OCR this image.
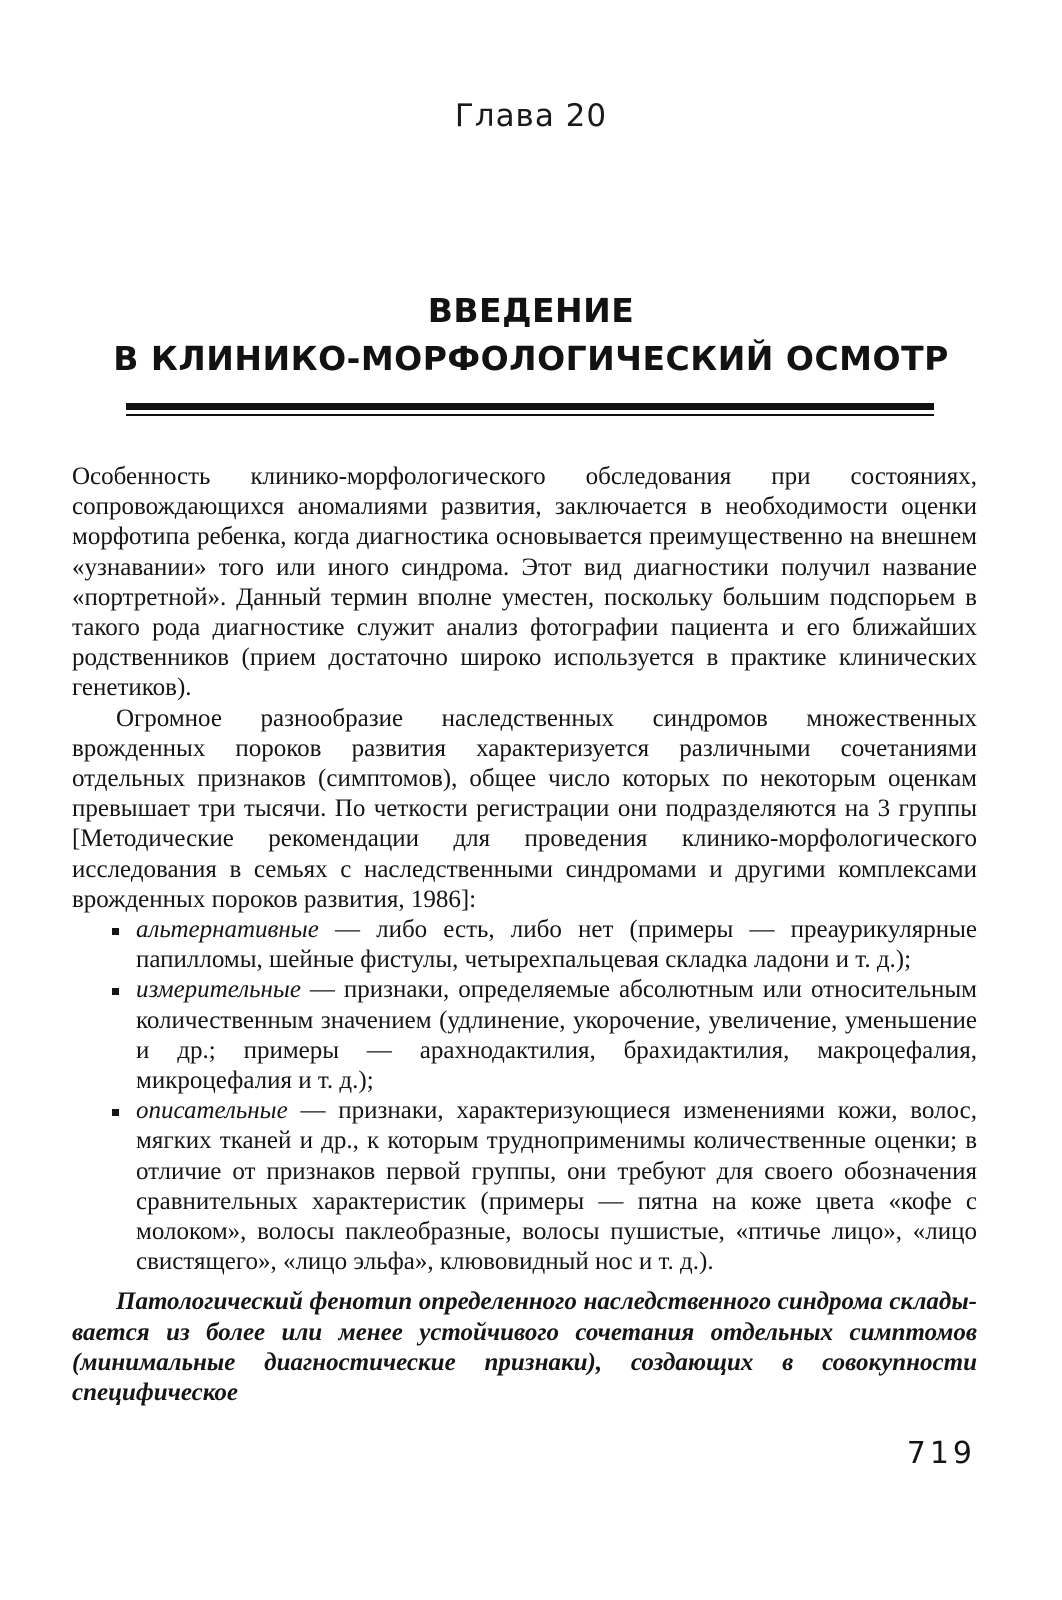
Глава 20
ВВЕДЕНИЕ
В КЛИНИКО-МОРФОЛОГИЧЕСКИЙ ОСМОТР

Особенность клинико-морфологического обследования при состояниях, сопровождающихся аномалиями развития, заключается в необходимости оценки морфотипа ребенка, когда диагностика основывается преимущественно на внешнем «узнавании» того или иного синдрома. Этот вид диагностики получил название «портретной». Данный термин вполне уместен, поскольку большим подспорьем в такого рода диагностике служит анализ фотографии пациента и его ближайших родственников (прием достаточно широко используется в практике клинических генетиков).

Огромное разнообразие наследственных синдромов множественных врожденных пороков развития характеризуется различными сочетаниями отдельных признаков (симптомов), общее число которых по некоторым оценкам превышает три тысячи. По четкости регистрации они подразделяются на 3 группы [Методические рекомендации для проведения клинико-морфологического исследования в семьях с наследственными синдромами и другими комплексами врожденных пороков развития, 1986]:

альтернативные — либо есть, либо нет (примеры — преаурикулярные папилломы, шейные фистулы, четырехпальцевая складка ладони и т. д.);
измерительные — признаки, определяемые абсолютным или относительным количественным значением (удлинение, укорочение, увеличение, уменьшение и др.; примеры — арахнодактилия, брахидактилия, макроцефалия, микроцефалия и т. д.);
описательные — признаки, характеризующиеся изменениями кожи, волос, мягких тканей и др., к которым трудноприменимы количественные оценки; в отличие от признаков первой группы, они требуют для своего обозначения сравнительных характеристик (примеры — пятна на коже цвета «кофе с молоком», волосы паклеобразные, волосы пушистые, «птичье лицо», «лицо свистящего», «лицо эльфа», клювовидный нос и т. д.).

Патологический фенотип определенного наследственного синдрома складывается из более или менее устойчивого сочетания отдельных симптомов (минимальные диагностические признаки), создающих в совокупности специфическое

719
